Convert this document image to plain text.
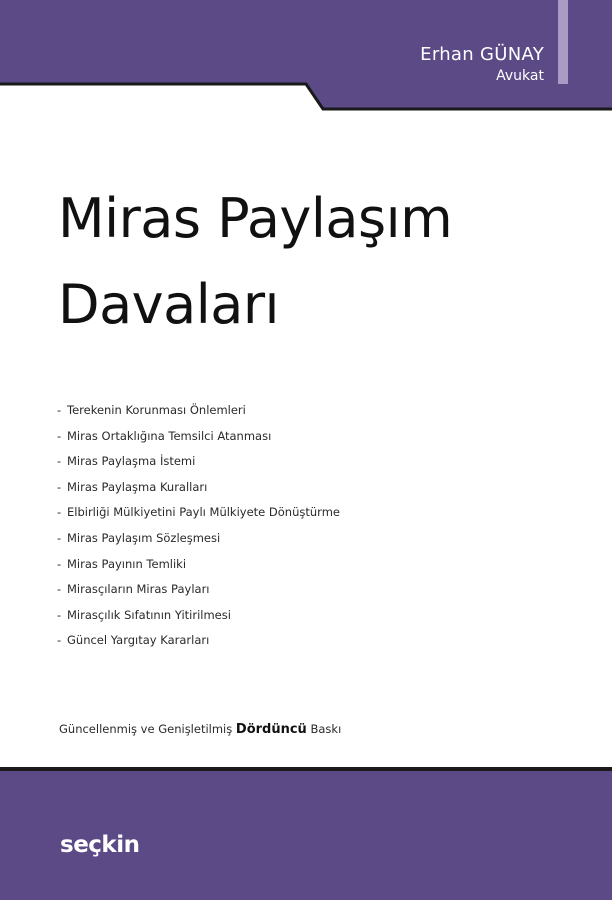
Erhan GÜNAY
Avukat
Miras Paylaşım
Davaları
- Terekenin Korunması Önlemleri
- Miras Ortaklığına Temsilci Atanması
- Miras Paylaşma İstemi
- Miras Paylaşma Kuralları
- Elbirliği Mülkiyetini Paylı Mülkiyete Dönüştürme
- Miras Paylaşım Sözleşmesi
- Miras Payının Temliki
- Mirasçıların Miras Payları
- Mirasçılık Sıfatının Yitirilmesi
- Güncel Yargıtay Kararları
Güncellenmiş ve Genişletilmiş Dördüncü Baskı
seçkin
